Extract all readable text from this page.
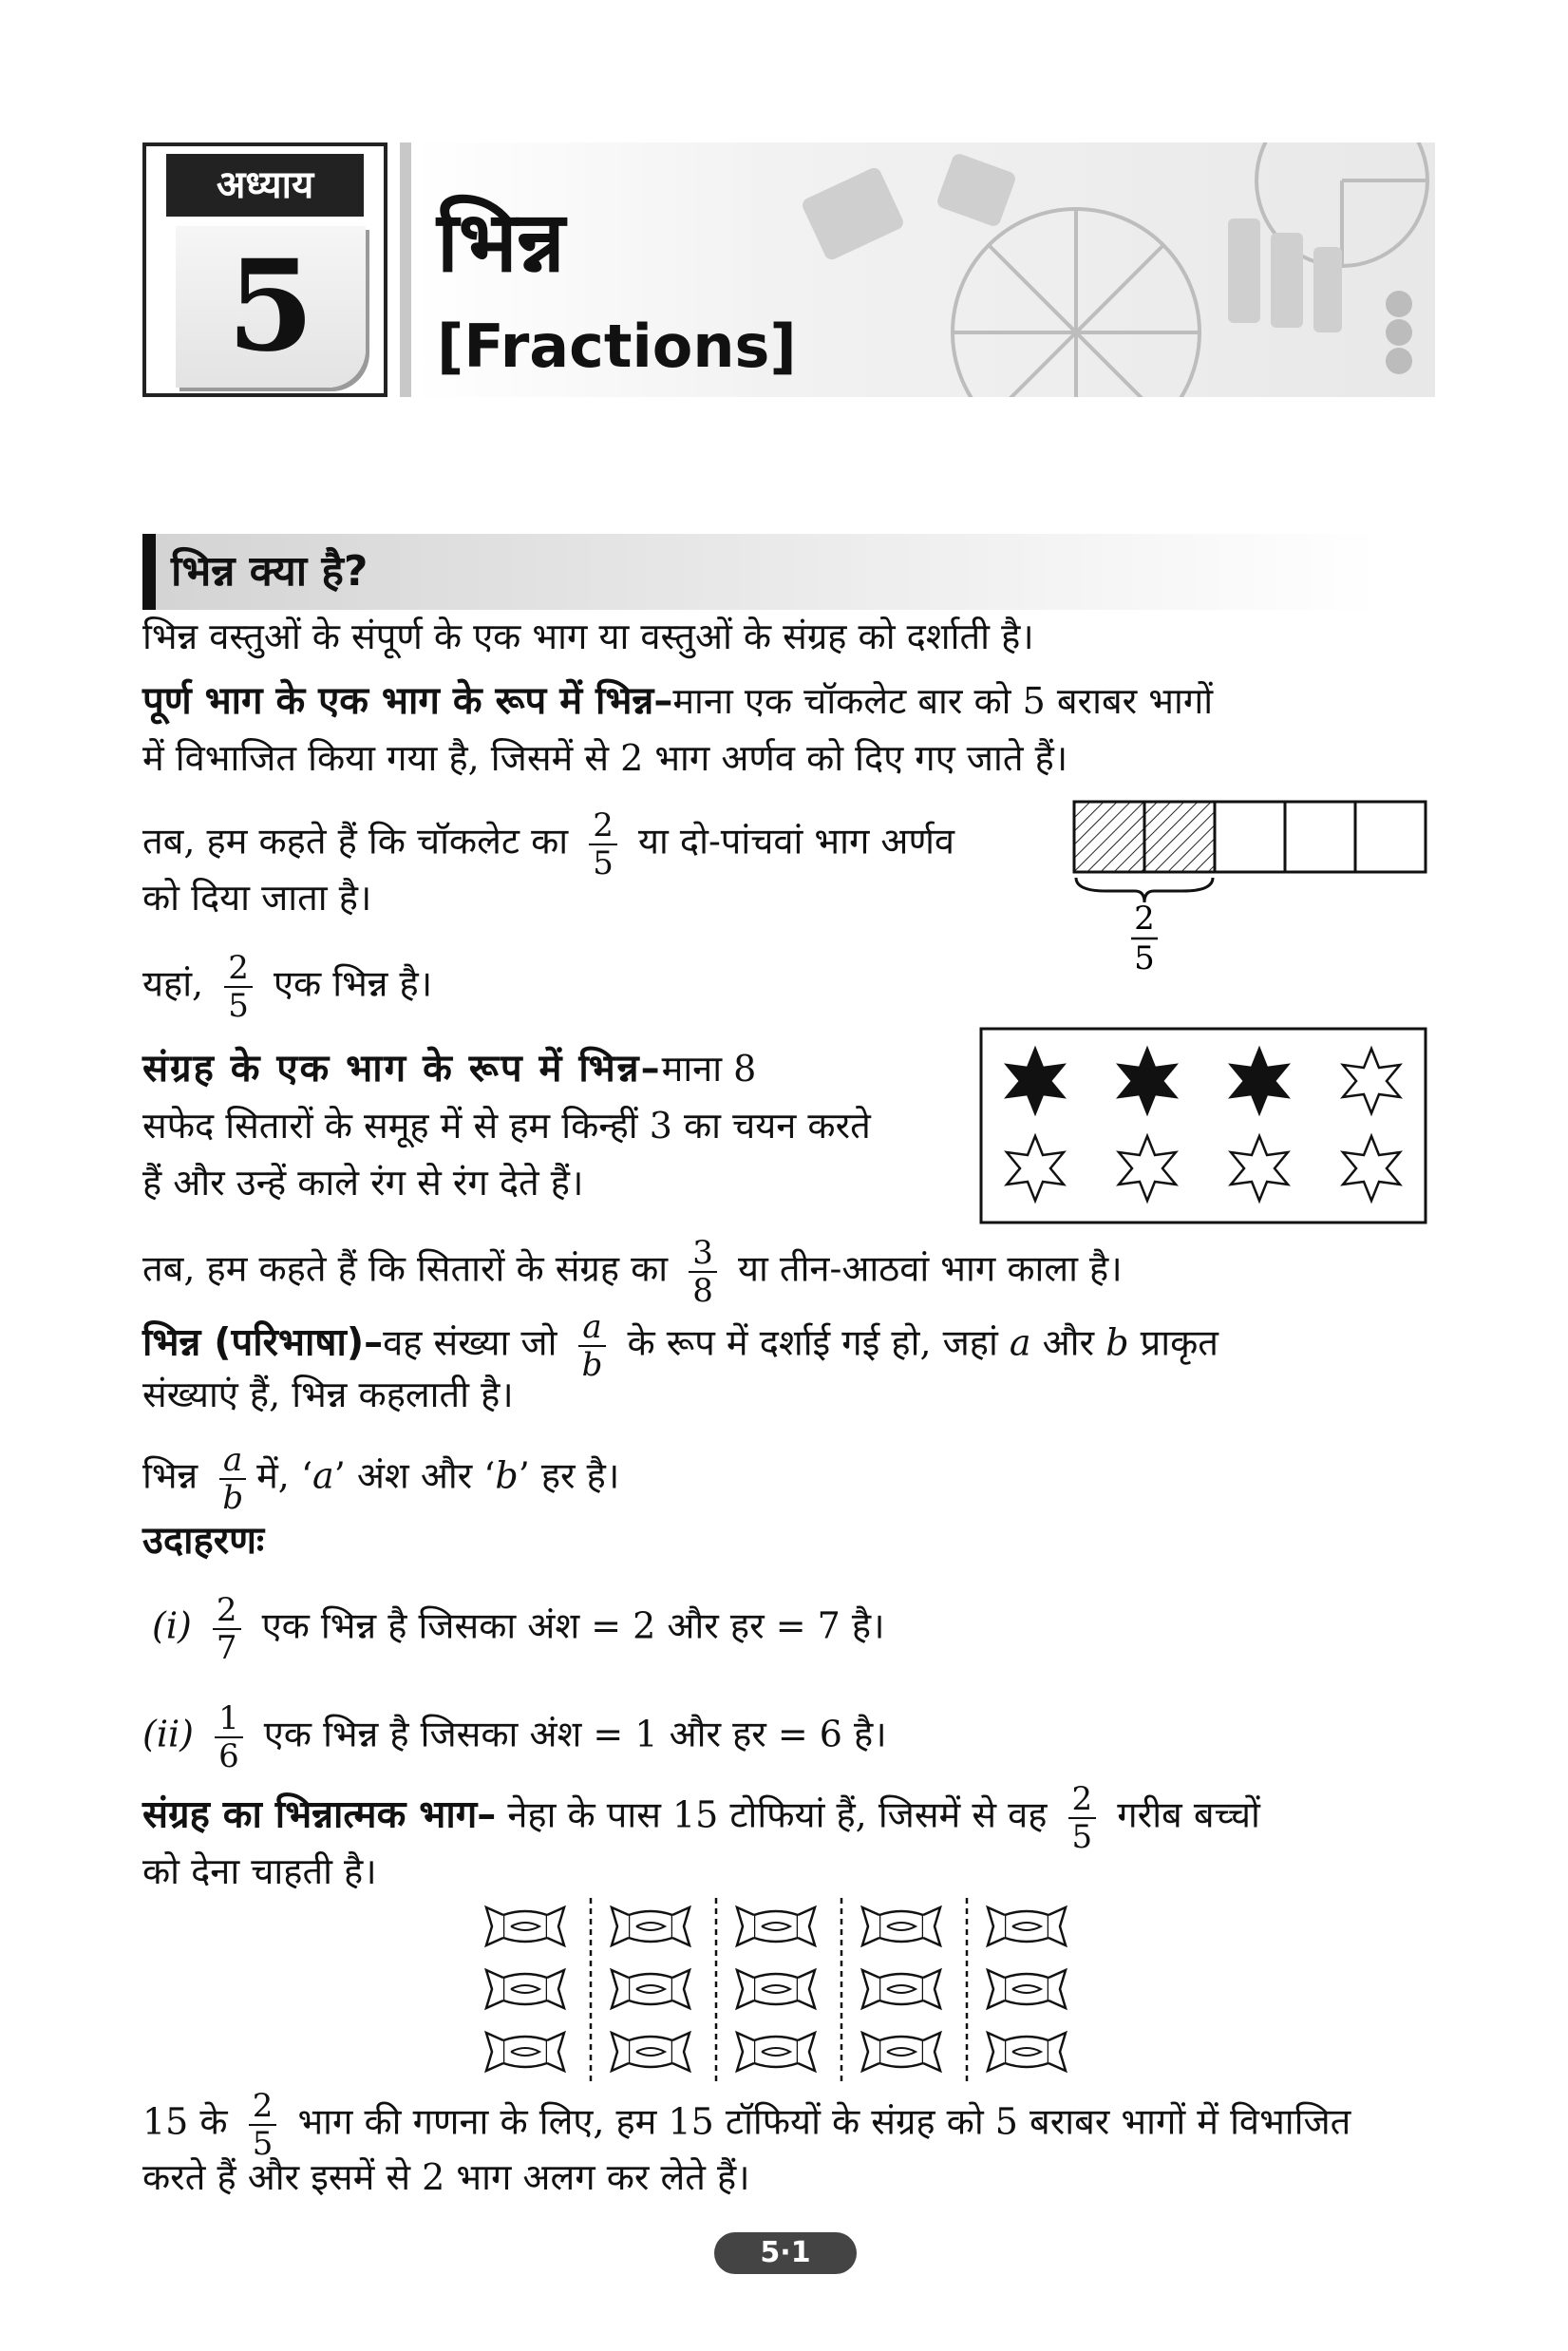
अध्याय
5	भिन्न
[Fractions]
भिन्न क्या है?
भिन्न वस्तुओं के संपूर्ण के एक भाग या वस्तुओं के संग्रह को दर्शाती है।
पूर्ण भाग के एक भाग के रूप में भिन्न–माना एक चॉकलेट बार को 5 बराबर भागों
में विभाजित किया गया है, जिसमें से 2 भाग अर्णव को दिए गए जाते हैं।
तब, हम कहते हैं कि चॉकलेट का $\frac{2}{5}$ या दो-पांचवां भाग अर्णव
को दिया जाता है।
यहां, $\frac{2}{5}$ एक भिन्न है।
2
5
संग्रह के एक भाग के रूप में भिन्न–माना 8
सफेद सितारों के समूह में से हम किन्हीं 3 का चयन करते
हैं और उन्हें काले रंग से रंग देते हैं।
तब, हम कहते हैं कि सितारों के संग्रह का $\frac{3}{8}$ या तीन-आठवां भाग काला है।
भिन्न (परिभाषा)–वह संख्या जो $\frac{a}{b}$ के रूप में दर्शाई गई हो, जहां a और b प्राकृत
संख्याएं हैं, भिन्न कहलाती है।
भिन्न $\frac{a}{b}$ में, ‘a’ अंश और ‘b’ हर है।
उदाहरणः
$(i) \frac{2}{7}$ एक भिन्न है जिसका अंश = 2 और हर = 7 है।
$(ii) \frac{1}{6}$ एक भिन्न है जिसका अंश = 1 और हर = 6 है।
संग्रह का भिन्नात्मक भाग– नेहा के पास 15 टोफियां हैं, जिसमें से वह $\frac{2}{5}$ गरीब बच्चों
को देना चाहती है।
15 के $\frac{2}{5}$ भाग की गणना के लिए, हम 15 टॉफियों के संग्रह को 5 बराबर भागों में विभाजित
करते हैं और इसमें से 2 भाग अलग कर लेते हैं।
5·1
